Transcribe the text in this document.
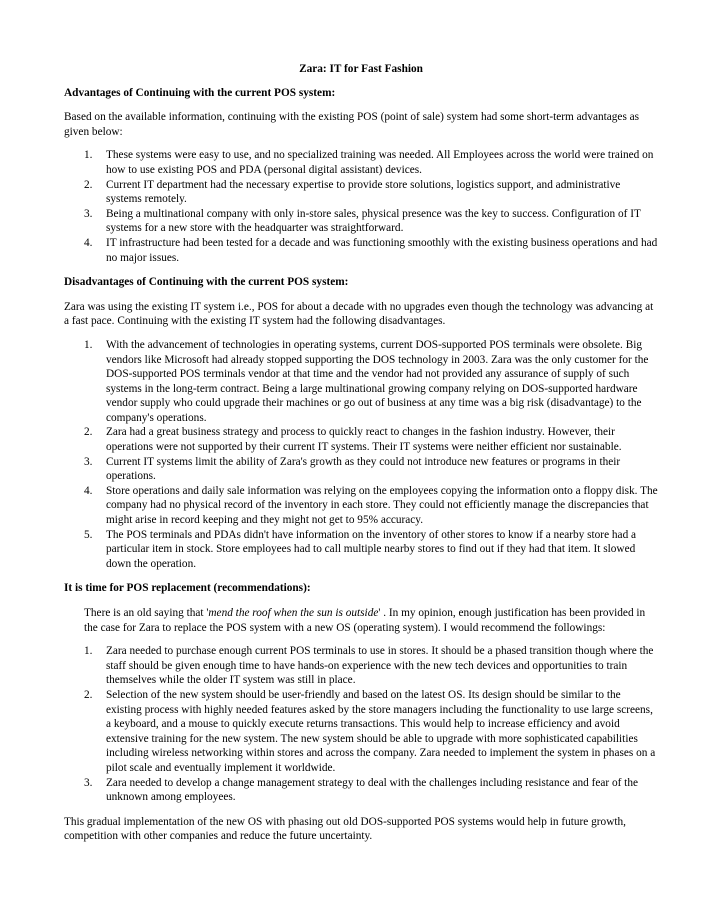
Zara: IT for Fast Fashion
Advantages of Continuing with the current POS system:
Based on the available information, continuing with the existing POS (point of sale) system had some short-term advantages as given below:
1. These systems were easy to use, and no specialized training was needed. All Employees across the world were trained on how to use existing POS and PDA (personal digital assistant) devices.
2. Current IT department had the necessary expertise to provide store solutions, logistics support, and administrative systems remotely.
3. Being a multinational company with only in-store sales, physical presence was the key to success. Configuration of IT systems for a new store with the headquarter was straightforward.
4. IT infrastructure had been tested for a decade and was functioning smoothly with the existing business operations and had no major issues.
Disadvantages of Continuing with the current POS system:
Zara was using the existing IT system i.e., POS for about a decade with no upgrades even though the technology was advancing at a fast pace. Continuing with the existing IT system had the following disadvantages.
1. With the advancement of technologies in operating systems, current DOS-supported POS terminals were obsolete. Big vendors like Microsoft had already stopped supporting the DOS technology in 2003. Zara was the only customer for the DOS-supported POS terminals vendor at that time and the vendor had not provided any assurance of supply of such systems in the long-term contract. Being a large multinational growing company relying on DOS-supported hardware vendor supply who could upgrade their machines or go out of business at any time was a big risk (disadvantage) to the company's operations.
2. Zara had a great business strategy and process to quickly react to changes in the fashion industry. However, their operations were not supported by their current IT systems. Their IT systems were neither efficient nor sustainable.
3. Current IT systems limit the ability of Zara's growth as they could not introduce new features or programs in their operations.
4. Store operations and daily sale information was relying on the employees copying the information onto a floppy disk. The company had no physical record of the inventory in each store. They could not efficiently manage the discrepancies that might arise in record keeping and they might not get to 95% accuracy.
5. The POS terminals and PDAs didn't have information on the inventory of other stores to know if a nearby store had a particular item in stock. Store employees had to call multiple nearby stores to find out if they had that item. It slowed down the operation.
It is time for POS replacement (recommendations):
There is an old saying that 'mend the roof when the sun is outside' . In my opinion, enough justification has been provided in the case for Zara to replace the POS system with a new OS (operating system). I would recommend the followings:
1. Zara needed to purchase enough current POS terminals to use in stores. It should be a phased transition though where the staff should be given enough time to have hands-on experience with the new tech devices and opportunities to train themselves while the older IT system was still in place.
2. Selection of the new system should be user-friendly and based on the latest OS. Its design should be similar to the existing process with highly needed features asked by the store managers including the functionality to use large screens, a keyboard, and a mouse to quickly execute returns transactions. This would help to increase efficiency and avoid extensive training for the new system. The new system should be able to upgrade with more sophisticated capabilities including wireless networking within stores and across the company. Zara needed to implement the system in phases on a pilot scale and eventually implement it worldwide.
3. Zara needed to develop a change management strategy to deal with the challenges including resistance and fear of the unknown among employees.
This gradual implementation of the new OS with phasing out old DOS-supported POS systems would help in future growth, competition with other companies and reduce the future uncertainty.
